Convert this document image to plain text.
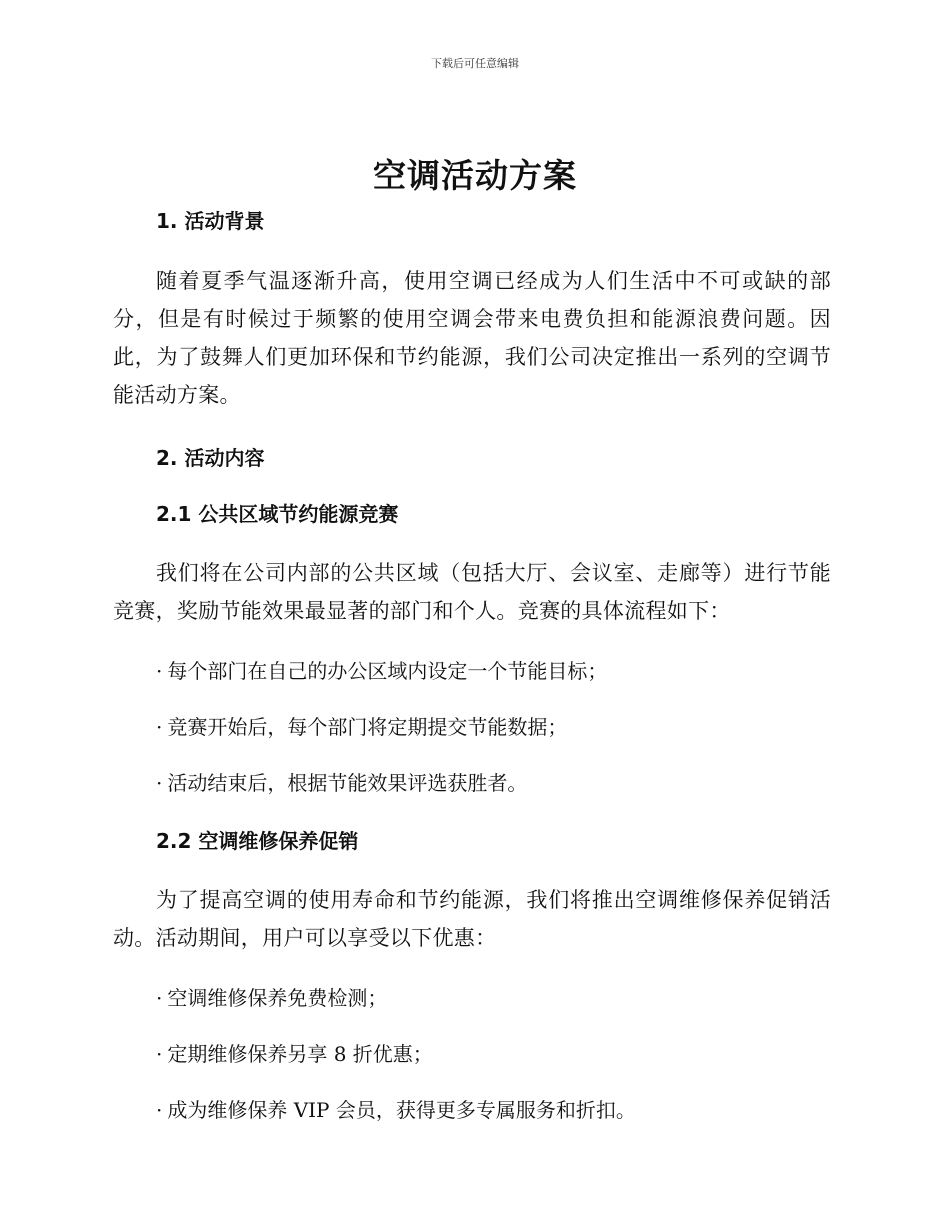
下载后可任意编辑
空调活动方案
1. 活动背景

随着夏季气温逐渐升高，使用空调已经成为人们生活中不可或缺的部分，但是有时候过于频繁的使用空调会带来电费负担和能源浪费问题。因此，为了鼓舞人们更加环保和节约能源，我们公司决定推出一系列的空调节能活动方案。

2. 活动内容
2.1 公共区域节约能源竞赛

我们将在公司内部的公共区域（包括大厅、会议室、走廊等）进行节能竞赛，奖励节能效果最显著的部门和个人。竞赛的具体流程如下：

· 每个部门在自己的办公区域内设定一个节能目标；
· 竞赛开始后，每个部门将定期提交节能数据；
· 活动结束后，根据节能效果评选获胜者。
2.2 空调维修保养促销

为了提高空调的使用寿命和节约能源，我们将推出空调维修保养促销活动。活动期间，用户可以享受以下优惠：

· 空调维修保养免费检测；
· 定期维修保养另享 8 折优惠；
· 成为维修保养 VIP 会员，获得更多专属服务和折扣。
